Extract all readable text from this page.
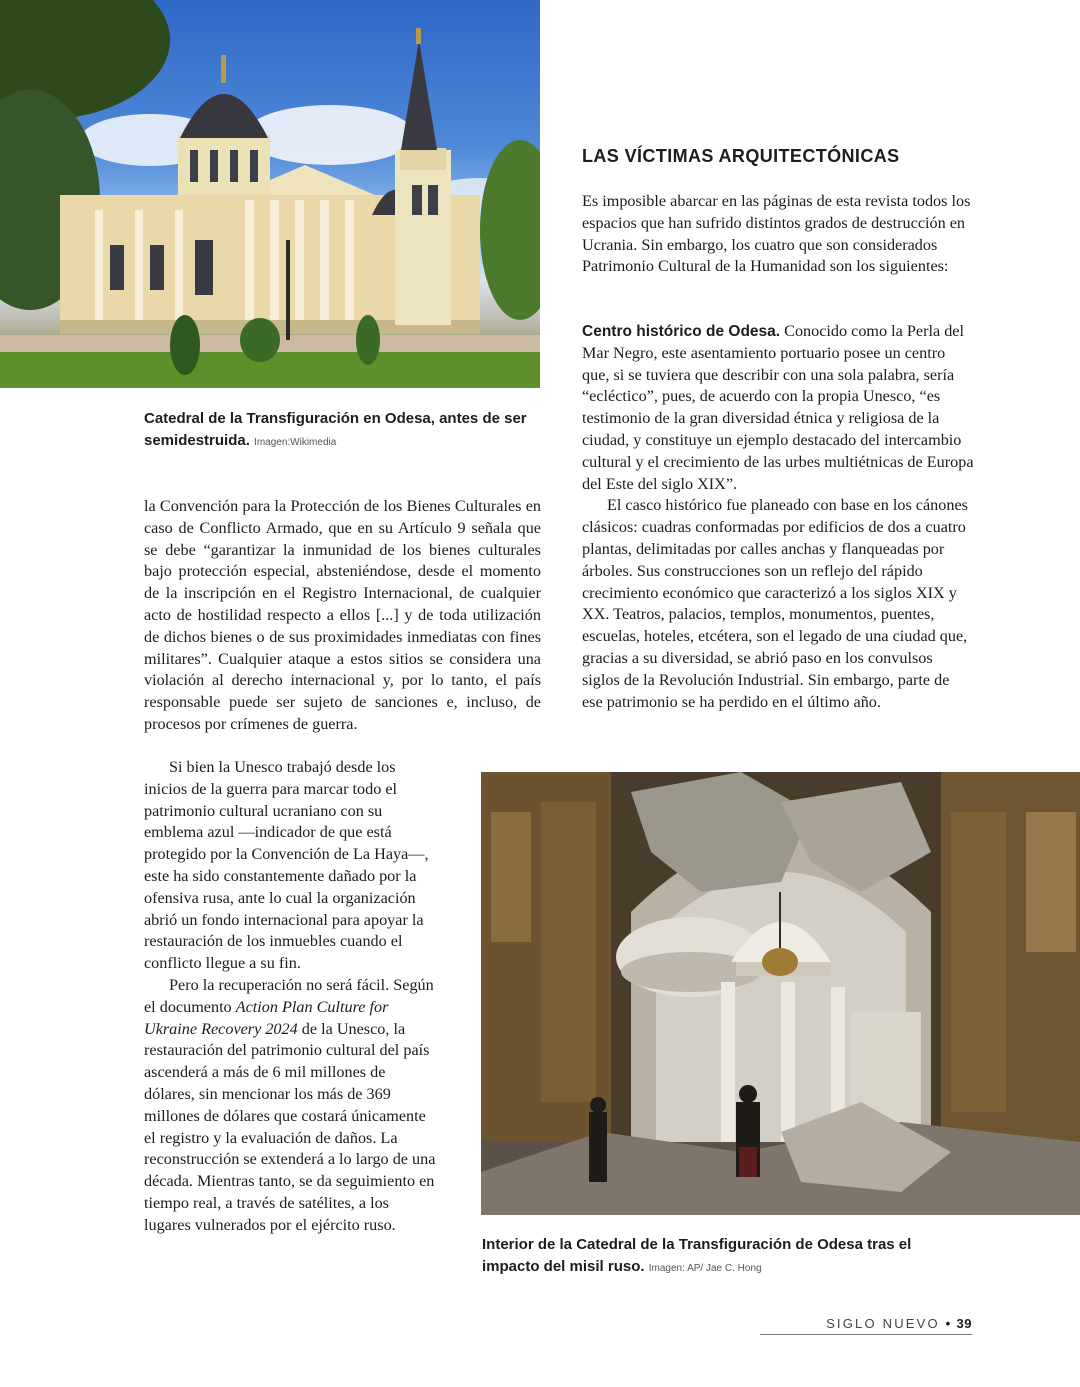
Catedral de la Transfiguración en Odesa, antes de ser semidestruida. Imagen:Wikimedia

la Convención para la Protección de los Bienes Culturales en caso de Conflicto Armado, que en su Artículo 9 señala que se debe “garantizar la inmunidad de los bienes culturales bajo protección especial, absteniéndose, desde el momento de la inscripción en el Registro Internacional, de cualquier acto de hostilidad respecto a ellos [...] y de toda utilización de dichos bienes o de sus proximidades inmediatas con fines militares”. Cualquier ataque a estos sitios se considera una violación al derecho internacional y, por lo tanto, el país responsable puede ser sujeto de sanciones e, incluso, de procesos por crímenes de guerra.

Si bien la Unesco trabajó desde los inicios de la guerra para marcar todo el patrimonio cultural ucraniano con su emblema azul —indicador de que está protegido por la Convención de La Haya—, este ha sido constantemente dañado por la ofensiva rusa, ante lo cual la organización abrió un fondo internacional para apoyar la restauración de los inmuebles cuando el conflicto llegue a su fin.

Pero la recuperación no será fácil. Según el documento Action Plan Culture for Ukraine Recovery 2024 de la Unesco, la restauración del patrimonio cultural del país ascenderá a más de 6 mil millones de dólares, sin mencionar los más de 369 millones de dólares que costará únicamente el registro y la evaluación de daños. La reconstrucción se extenderá a lo largo de una década. Mientras tanto, se da seguimiento en tiempo real, a través de satélites, a los lugares vulnerados por el ejército ruso.

LAS VÍCTIMAS ARQUITECTÓNICAS

Es imposible abarcar en las páginas de esta revista todos los espacios que han sufrido distintos grados de destrucción en Ucrania. Sin embargo, los cuatro que son considerados Patrimonio Cultural de la Humanidad son los siguientes:

Centro histórico de Odesa. Conocido como la Perla del Mar Negro, este asentamiento portuario posee un centro que, si se tuviera que describir con una sola palabra, sería “ecléctico”, pues, de acuerdo con la propia Unesco, “es testimonio de la gran diversidad étnica y religiosa de la ciudad, y constituye un ejemplo destacado del intercambio cultural y el crecimiento de las urbes multiétnicas de Europa del Este del siglo XIX”.

El casco histórico fue planeado con base en los cánones clásicos: cuadras conformadas por edificios de dos a cuatro plantas, delimitadas por calles anchas y flanqueadas por árboles. Sus construcciones son un reflejo del rápido crecimiento económico que caracterizó a los siglos XIX y XX. Teatros, palacios, templos, monumentos, puentes, escuelas, hoteles, etcétera, son el legado de una ciudad que, gracias a su diversidad, se abrió paso en los convulsos siglos de la Revolución Industrial. Sin embargo, parte de ese patrimonio se ha perdido en el último año.

Interior de la Catedral de la Transfiguración de Odesa tras el impacto del misil ruso. Imagen: AP/ Jae C. Hong
SIGLO NUEVO • 39
